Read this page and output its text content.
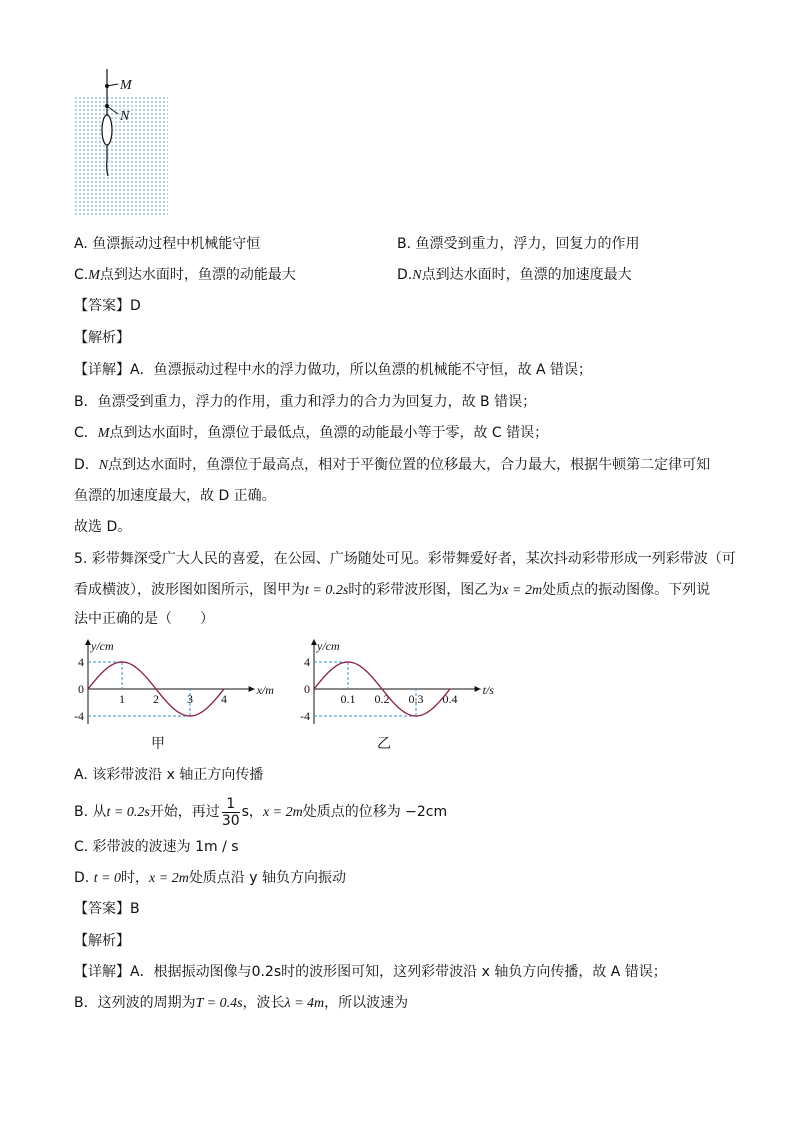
M
N
A. 鱼漂振动过程中机械能守恒	B. 鱼漂受到重力，浮力，回复力的作用
C.M点到达水面时，鱼漂的动能最大	D.N点到达水面时，鱼漂的加速度最大
【答案】D
【解析】
【详解】A．鱼漂振动过程中水的浮力做功，所以鱼漂的机械能不守恒，故 A 错误；
B．鱼漂受到重力，浮力的作用，重力和浮力的合力为回复力，故 B 错误；
C．M点到达水面时，鱼漂位于最低点，鱼漂的动能最小等于零，故 C 错误；
D．N点到达水面时，鱼漂位于最高点，相对于平衡位置的位移最大，合力最大，根据牛顿第二定律可知
鱼漂的加速度最大，故 D 正确。
故选 D。
5. 彩带舞深受广大人民的喜爱，在公园、广场随处可见。彩带舞爱好者，某次抖动彩带形成一列彩带波（可
看成横波），波形图如图所示，图甲为t = 0.2s时的彩带波形图，图乙为x = 2m处质点的振动图像。下列说
法中正确的是（　　）
y/cm
x/m
4
0
-4
1 2 3 4
甲
y/cm
t/s
4
0
-4
0.1 0.2 0.3 0.4
乙
A. 该彩带波沿 x 轴正方向传播
B. 从t = 0.2s开始，再过 $\frac{1}{30}$ s，x = 2m处质点的位移为 −2cm
C. 彩带波的波速为 1m / s
D. t = 0时，x = 2m处质点沿 y 轴负方向振动
【答案】B
【解析】
【详解】A．根据振动图像与0.2s时的波形图可知，这列彩带波沿 x 轴负方向传播，故 A 错误；
B．这列波的周期为T = 0.4s，波长λ = 4m，所以波速为
